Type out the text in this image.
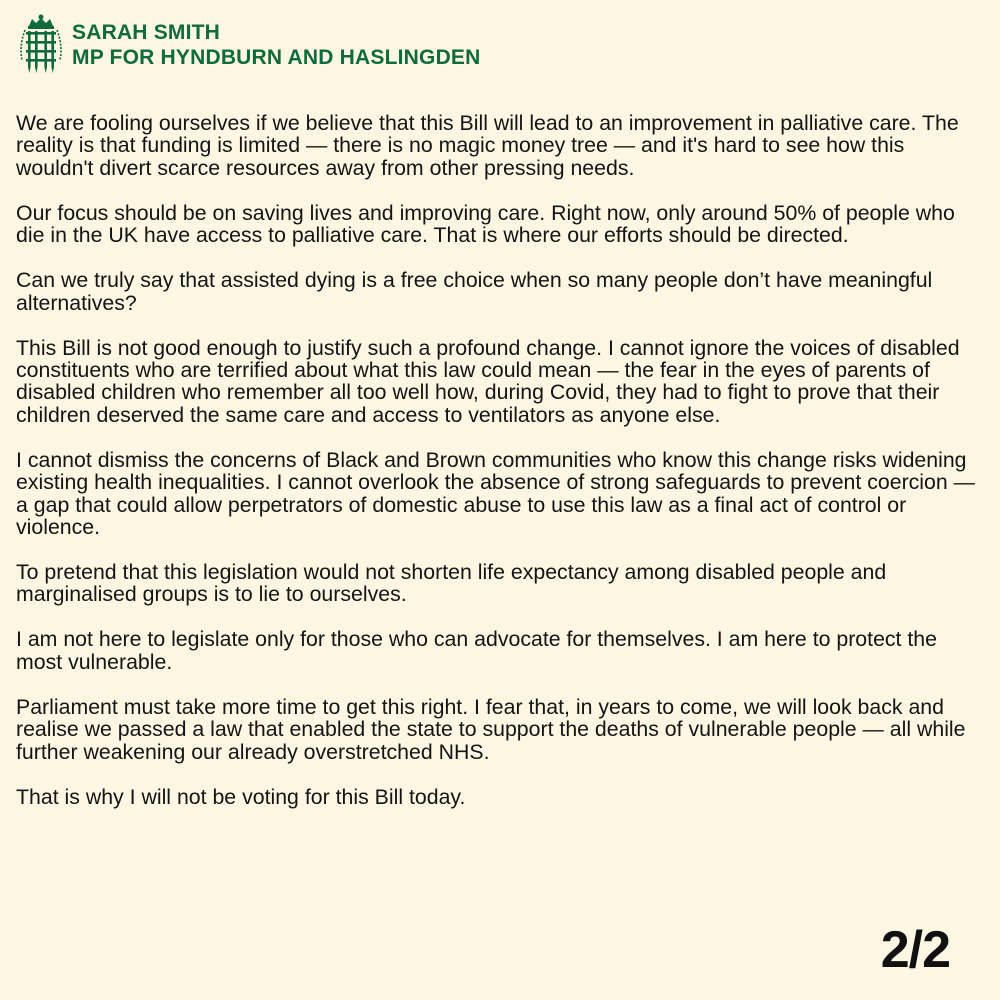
SARAH SMITH
MP FOR HYNDBURN AND HASLINGDEN

We are fooling ourselves if we believe that this Bill will lead to an improvement in palliative care. The reality is that funding is limited — there is no magic money tree — and it's hard to see how this wouldn't divert scarce resources away from other pressing needs.

Our focus should be on saving lives and improving care. Right now, only around 50% of people who die in the UK have access to palliative care. That is where our efforts should be directed.

Can we truly say that assisted dying is a free choice when so many people don’t have meaningful alternatives?

This Bill is not good enough to justify such a profound change. I cannot ignore the voices of disabled constituents who are terrified about what this law could mean — the fear in the eyes of parents of disabled children who remember all too well how, during Covid, they had to fight to prove that their children deserved the same care and access to ventilators as anyone else.

I cannot dismiss the concerns of Black and Brown communities who know this change risks widening existing health inequalities. I cannot overlook the absence of strong safeguards to prevent coercion — a gap that could allow perpetrators of domestic abuse to use this law as a final act of control or violence.

To pretend that this legislation would not shorten life expectancy among disabled people and marginalised groups is to lie to ourselves.

I am not here to legislate only for those who can advocate for themselves. I am here to protect the most vulnerable.

Parliament must take more time to get this right. I fear that, in years to come, we will look back and realise we passed a law that enabled the state to support the deaths of vulnerable people — all while further weakening our already overstretched NHS.

That is why I will not be voting for this Bill today.

2/2
